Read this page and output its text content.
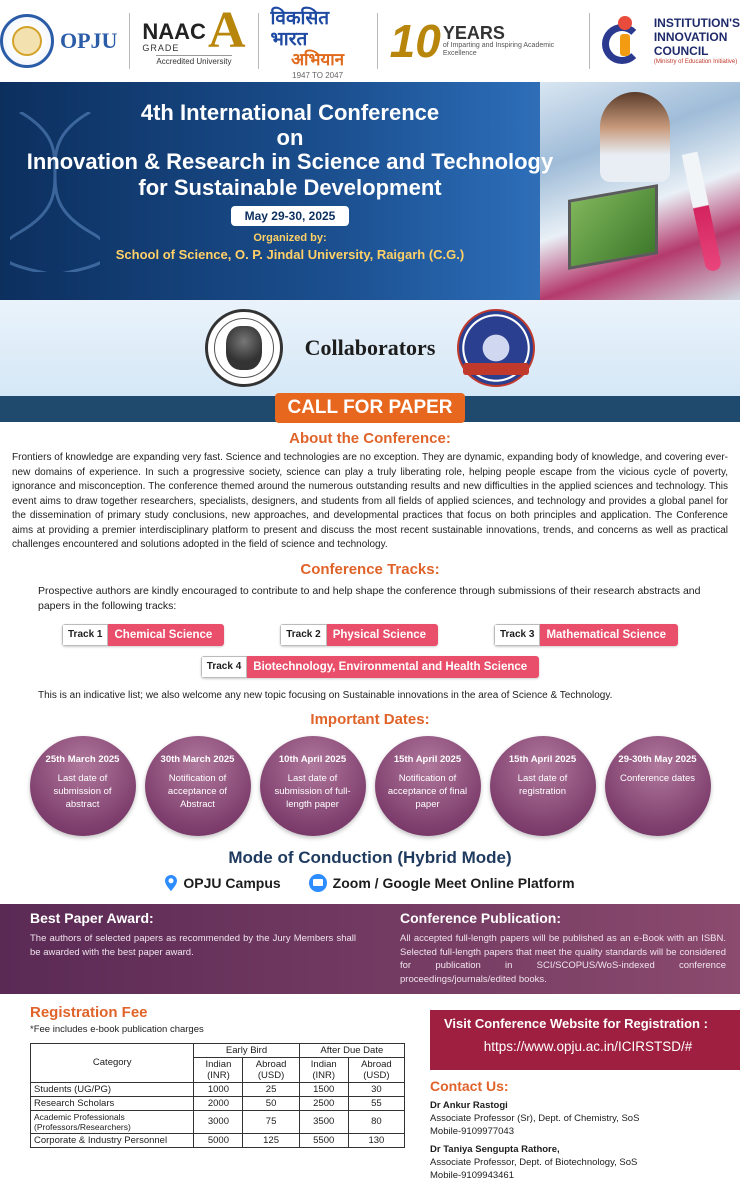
OPJU NAAC
GRADE A
Accredited University
विकसित भारत
अभियान
1947 TO 2047
10 YEARS
of Imparting and Inspiring Academic Excellence
INSTITUTION'S
INNOVATION
COUNCIL
(Ministry of Education Initiative)
4th International Conference
on
Innovation & Research in Science and Technology
for Sustainable Development
May 29-30, 2025
Organized by:
School of Science, O. P. Jindal University, Raigarh (C.G.)
Collaborators
CALL FOR PAPER
About the Conference:

Frontiers of knowledge are expanding very fast. Science and technologies are no exception. They are dynamic, expanding body of knowledge, and covering ever-new domains of experience. In such a progressive society, science can play a truly liberating role, helping people escape from the vicious cycle of poverty, ignorance and misconception. The conference themed around the numerous outstanding results and new difficulties in the applied sciences and technology. This event aims to draw together researchers, specialists, designers, and students from all fields of applied sciences, and technology and provides a global panel for the dissemination of primary study conclusions, new approaches, and developmental practices that focus on both principles and application. The Conference aims at providing a premier interdisciplinary platform to present and discuss the most recent sustainable innovations, trends, and concerns as well as practical challenges encountered and solutions adopted in the field of science and technology.

Conference Tracks:

Prospective authors are kindly encouraged to contribute to and help shape the conference through submissions of their research abstracts and papers in the following tracks:

Track 1	Chemical Science	Track 2	Physical Science	Track 3	Mathematical Science
Track 4	Biotechnology, Environmental and Health Science

This is an indicative list; we also welcome any new topic focusing on Sustainable innovations in the area of Science & Technology.

Important Dates:
25th March 2025
Last date of submission of abstract
30th March 2025
Notification of acceptance of Abstract
10th April 2025
Last date of submission of full-length paper
15th April 2025
Notification of acceptance of final paper
15th April 2025
Last date of registration
29-30th May 2025
Conference dates
Mode of Conduction (Hybrid Mode)
OPJU Campus	Zoom / Google Meet Online Platform
Best Paper Award:

The authors of selected papers as recommended by the Jury Members shall be awarded with the best paper award.

Conference Publication:

All accepted full-length papers will be published as an e-Book with an ISBN. Selected full-length papers that meet the quality standards will be considered for publication in SCI/SCOPUS/WoS-indexed conference proceedings/journals/edited books.

Registration Fee
*Fee includes e-book publication charges
Category	Early Bird		After Due Date	
	Indian (INR)	Abroad (USD)	Indian (INR)	Abroad (USD)
Students (UG/PG)	1000	25	1500	30
Research Scholars	2000	50	2500	55
Academic Professionals (Professors/Researchers)	3000	75	3500	80
Corporate & Industry Personnel	5000	125	5500	130
Visit Conference Website for Registration :
https://www.opju.ac.in/ICIRSTSD/#
Contact Us:
Dr Ankur Rastogi
Associate Professor (Sr), Dept. of Chemistry, SoS
Mobile-9109977043
Dr Taniya Sengupta Rathore,
Associate Professor, Dept. of Biotechnology, SoS
Mobile-9109943461
